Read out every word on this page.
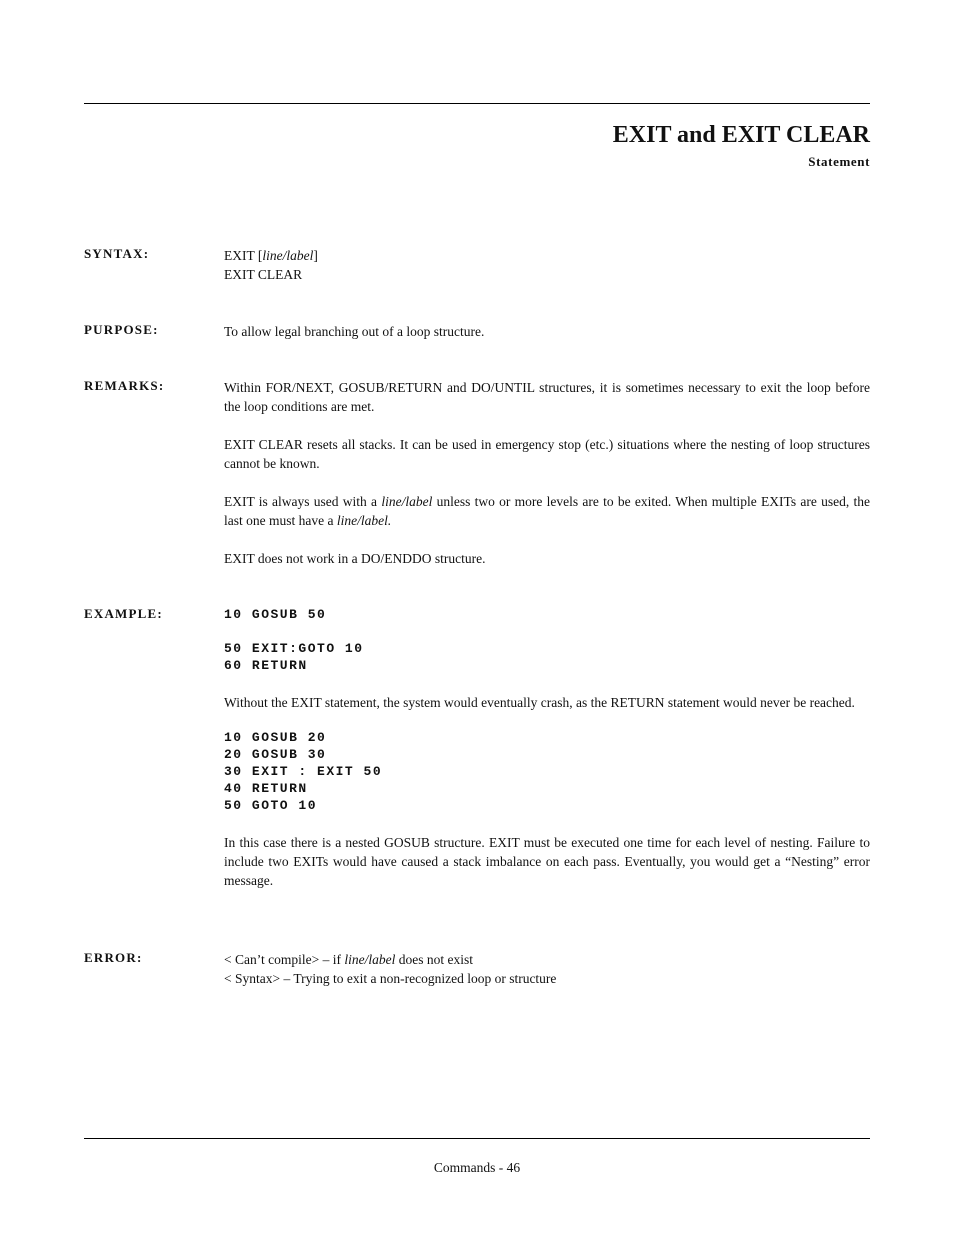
EXIT and EXIT CLEAR
Statement
SYNTAX:	EXIT [line/label]
EXIT CLEAR
PURPOSE:	To allow legal branching out of a loop structure.
REMARKS:	Within FOR/NEXT, GOSUB/RETURN and DO/UNTIL structures, it is sometimes necessary to exit the loop before the loop conditions are met.
EXIT CLEAR resets all stacks. It can be used in emergency stop (etc.) situations where the nesting of loop structures cannot be known.
EXIT is always used with a line/label unless two or more levels are to be exited. When multiple EXITs are used, the last one must have a line/label.
EXIT does not work in a DO/ENDDO structure.
EXAMPLE:	10 GOSUB 50
50 EXIT:GOTO 10
60 RETURN
Without the EXIT statement, the system would eventually crash, as the RETURN statement would never be reached.
10 GOSUB 20
20 GOSUB 30
30 EXIT : EXIT 50
40 RETURN
50 GOTO 10
In this case there is a nested GOSUB structure. EXIT must be executed one time for each level of nesting. Failure to include two EXITs would have caused a stack imbalance on each pass. Eventually, you would get a “Nesting” error message.
ERROR:	< Can’t compile> – if line/label does not exist
< Syntax> – Trying to exit a non-recognized loop or structure
Commands - 46
